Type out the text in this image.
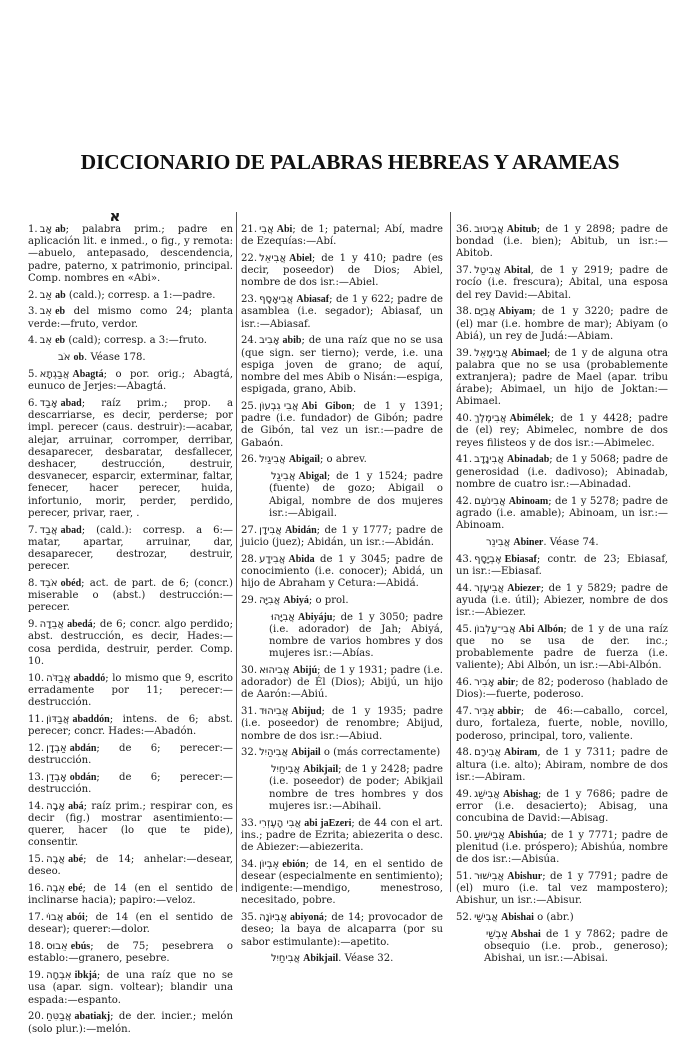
DICCIONARIO DE PALABRAS HEBREAS Y ARAMEAS
א

1. אָב ab; palabra prim.; padre en aplicación lit. e inmed., o fig., y remota:—abuelo, antepasado, descendencia, padre, paterno, x patrimonio, principal. Comp. nombres en «Abi».

2. אַב ab (cald.); corresp. a 1:—padre.

3. אֵב eb del mismo como 24; planta verde:—fruto, verdor.

4. אֵב eb (cald); corresp. a 3:—fruto.

אֹב ob. Véase 178.

5. אֲבַגְתָא Abagtá; o por. orig.; Abagtá, eunuco de Jerjes:—Abagtá.

6. אָבַד abad; raíz prim.; prop. a descarriarse, es decir, perderse; por impl. perecer (caus. destruir):—acabar, alejar, arruinar, corromper, derribar, desaparecer, desbaratar, desfallecer, deshacer, destrucción, destruir, desvanecer, esparcir, exterminar, faltar, fenecer, hacer perecer, huida, infortunio, morir, perder, perdido, perecer, privar, raer, .

7. אֲבַד abad; (cald.): corresp. a 6:—matar, apartar, arruinar, dar, desaparecer, destrozar, destruir, perecer.

8. אֹבֵד obéd; act. de part. de 6; (concr.) miserable o (abst.) destrucción:—perecer.

9. אֲבֵדָה abedá; de 6; concr. algo perdido; abst. destrucción, es decir, Hades:—cosa perdida, destruir, perder. Comp. 10.

10. אֲבַדֹּה abaddó; lo mismo que 9, escrito erradamente por 11; perecer:—destrucción.

11. אֲבַדּוֹן abaddón; intens. de 6; abst. perecer; concr. Hades:—Abadón.

12. אַבְדָן abdán; de 6; perecer:—destrucción.

13. אָבְדַן obdán; de 6; perecer:—destrucción.

14. אָבָה abá; raíz prim.; respirar con, es decir (fig.) mostrar asentimiento:—querer, hacer (lo que te pide), consentir.

15. אֲבֶה abé; de 14; anhelar:—desear, deseo.

16. אֵבֶה ebé; de 14 (en el sentido de inclinarse hacia); papiro:—veloz.

17. אֲבוֹי abói; de 14 (en el sentido de desear); querer:—dolor.

18. אֵבוּס ebús; de 75; pesebrera o establo:—granero, pesebre.

19. אִבְחָה ibkjá; de una raíz que no se usa (apar. sign. voltear); blandir una espada:—espanto.

20. אֲבַטִּחַ abatiakj; de der. incier.; melón (solo plur.):—melón.

21. אֲבִי Abi; de 1; paternal; Abí, madre de Ezequías:—Abí.

22. אֲבִיאֵל Abiel; de 1 y 410; padre (es decir, poseedor) de Dios; Abiel, nombre de dos isr.:—Abiel.

23. אֲבִיאָסָף Abiasaf; de 1 y 622; padre de asamblea (i.e. segador); Abiasaf, un isr.:—Abiasaf.

24. אָבִיב abib; de una raíz que no se usa (que sign. ser tierno); verde, i.e. una espiga joven de grano; de aquí, nombre del mes Abib o Nisán:—espiga, espigada, grano, Abib.

25. אֲבִי גִבְעוֹן Abi Gibon; de 1 y 1391; padre (i.e. fundador) de Gibón; padre de Gibón, tal vez un isr.:—padre de Gabaón.

26. אֲבִיגַיִל Abigail; o abrev.

אֲבִיגַל Abigal; de 1 y 1524; padre (fuente) de gozo; Abigail o Abigal, nombre de dos mujeres isr.:—Abigail.

27. אֲבִידָן Abidán; de 1 y 1777; padre de juicio (juez); Abidán, un isr.:—Abidán.

28. אֲבִידָע Abida de 1 y 3045; padre de conocimiento (i.e. conocer); Abidá, un hijo de Abraham y Cetura:—Abidá.

29. אֲבִיָּה Abiyá; o prol.

אֲבִיָּהוּ Abiyáju; de 1 y 3050; padre (i.e. adorador) de Jah; Abiyá, nombre de varios hombres y dos mujeres isr.:—Abías.

30. אֲבִיהוּא Abijú; de 1 y 1931; padre (i.e. adorador) de Él (Dios); Abijú, un hijo de Aarón:—Abiú.

31. אֲבִיהוּד Abijud; de 1 y 1935; padre (i.e. poseedor) de renombre; Abijud, nombre de dos isr.:—Abiud.

32. אֲבִיהַיִל Abijail o (más correctamente)

אֲבִיחַיִל Abikjail; de 1 y 2428; padre (i.e. poseedor) de poder; Abikjail nombre de tres hombres y dos mujeres isr.:—Abihail.

33. אֲבִי הָעֶזְרִי abi jaEzeri; de 44 con el art. ins.; padre de Ezrita; abiezerita o desc. de Abiezer:—abiezerita.

34. אֶבְיוֹן ebión; de 14, en el sentido de desear (especialmente en sentimiento); indigente:—mendigo, menestroso, necesitado, pobre.

35. אֲבִיּוֹנָה abiyoná; de 14; provocador de deseo; la baya de alcaparra (por su sabor estimulante):—apetito.

אֲבִיחַיִל Abikjail. Véase 32.

36. אֲבִיטוּב Abitub; de 1 y 2898; padre de bondad (i.e. bien); Abitub, un isr.:—Abitob.

37. אֲבִיטַל Abital, de 1 y 2919; padre de rocío (i.e. frescura); Abital, una esposa del rey David:—Abital.

38. אֲבִיָּם Abiyam; de 1 y 3220; padre de (el) mar (i.e. hombre de mar); Abiyam (o Abiá), un rey de Judá:—Abiam.

39. אֲבִימָאֵל Abimael; de 1 y de alguna otra palabra que no se usa (probablemente extranjera); padre de Mael (apar. tribu árabe); Abimael, un hijo de Joktan:—Abimael.

40. אֲבִימֶלֶךְ Abimélek; de 1 y 4428; padre de (el) rey; Abimelec, nombre de dos reyes filisteos y de dos isr.:—Abimelec.

41. אֲבִינָדָב Abinadab; de 1 y 5068; padre de generosidad (i.e. dadivoso); Abinadab, nombre de cuatro isr.:—Abinadad.

42. אֲבִינֹעַם Abinoam; de 1 y 5278; padre de agrado (i.e. amable); Abinoam, un isr.:—Abinoam.

אֲבִינֵר Abiner. Véase 74.

43. אֶבְיָסָף Ebiasaf; contr. de 23; Ebiasaf, un isr.:—Ebiasaf.

44. אֲבִיעֶזֶר Abiezer; de 1 y 5829; padre de ayuda (i.e. útil); Abiezer, nombre de dos isr.:—Abiezer.

45. אֲבִי־עַלְבוֹן Abi Albón; de 1 y de una raíz que no se usa de der. inc.; probablemente padre de fuerza (i.e. valiente); Abi Albón, un isr.:—Abi-Albón.

46. אָבִיר abir; de 82; poderoso (hablado de Dios):—fuerte, poderoso.

47. אַבִּיר abbir; de 46:—caballo, corcel, duro, fortaleza, fuerte, noble, novillo, poderoso, principal, toro, valiente.

48. אֲבִירָם Abiram, de 1 y 7311; padre de altura (i.e. alto); Abiram, nombre de dos isr.:—Abiram.

49. אֲבִישַׁג Abishag; de 1 y 7686; padre de error (i.e. desacierto); Abisag, una concubina de David:—Abisag.

50. אֲבִישׁוּעַ Abishúa; de 1 y 7771; padre de plenitud (i.e. próspero); Abishúa, nombre de dos isr.:—Abisúa.

51. אֲבִישׁוּר Abishur; de 1 y 7791; padre de (el) muro (i.e. tal vez mampostero); Abishur, un isr.:—Abisur.

52. אֲבִישַׁי Abishai o (abr.)

אַבְשַׁי Abshai de 1 y 7862; padre de obsequio (i.e. prob., generoso); Abishai, un isr.:—Abisai.
